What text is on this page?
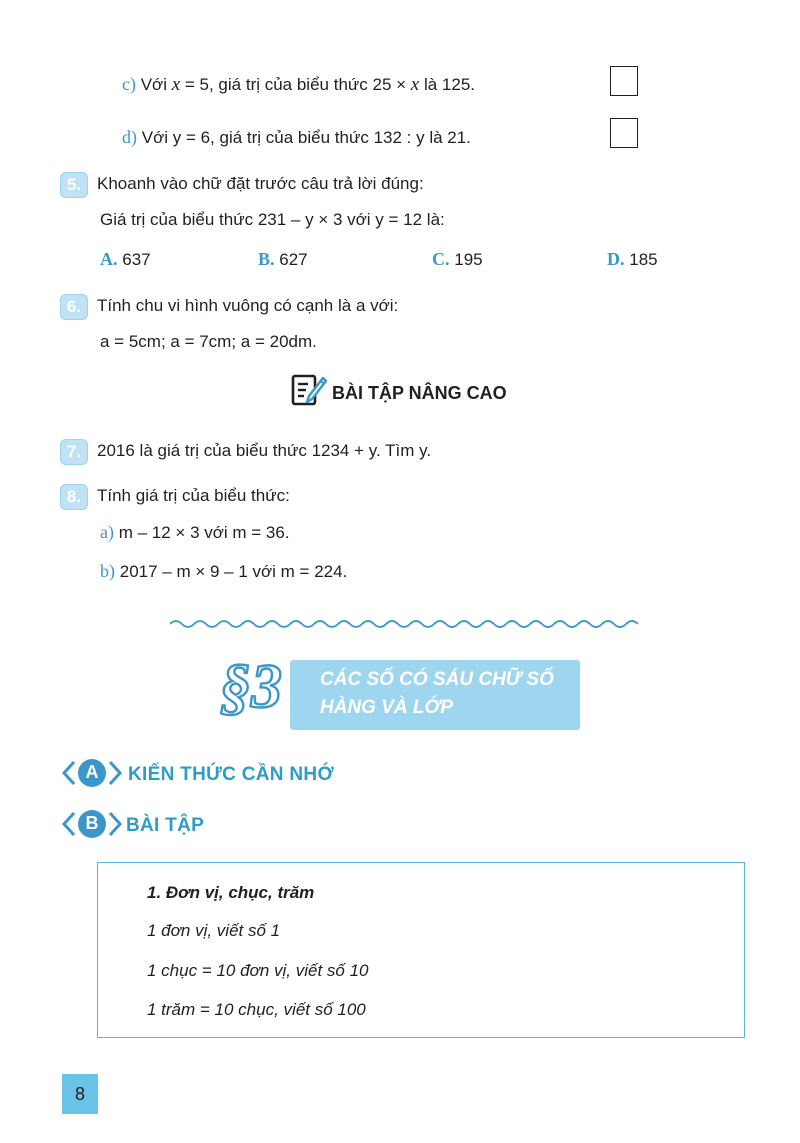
c) Với x = 5, giá trị của biểu thức 25 × x là 125.
d) Với y = 6, giá trị của biểu thức 132 : y là 21.
5. Khoanh vào chữ đặt trước câu trả lời đúng:
Giá trị của biểu thức 231 – y × 3 với y = 12 là:
A. 637	B. 627	C. 195	D. 185
6. Tính chu vi hình vuông có cạnh là a với:
a = 5cm; a = 7cm; a = 20dm.
BÀI TẬP NÂNG CAO
7. 2016 là giá trị của biểu thức 1234 + y. Tìm y.
8. Tính giá trị của biểu thức:
a) m – 12 × 3 với m = 36.
b) 2017 – m × 9 – 1 với m = 224.
§3 CÁC SỐ CÓ SÁU CHỮ SỐ
HÀNG VÀ LỚP
A	KIẾN THỨC CẦN NHỚ
B	BÀI TẬP
1. Đơn vị, chục, trăm
1 đơn vị, viết số 1
1 chục = 10 đơn vị, viết số 10
1 trăm = 10 chục, viết số 100
8
